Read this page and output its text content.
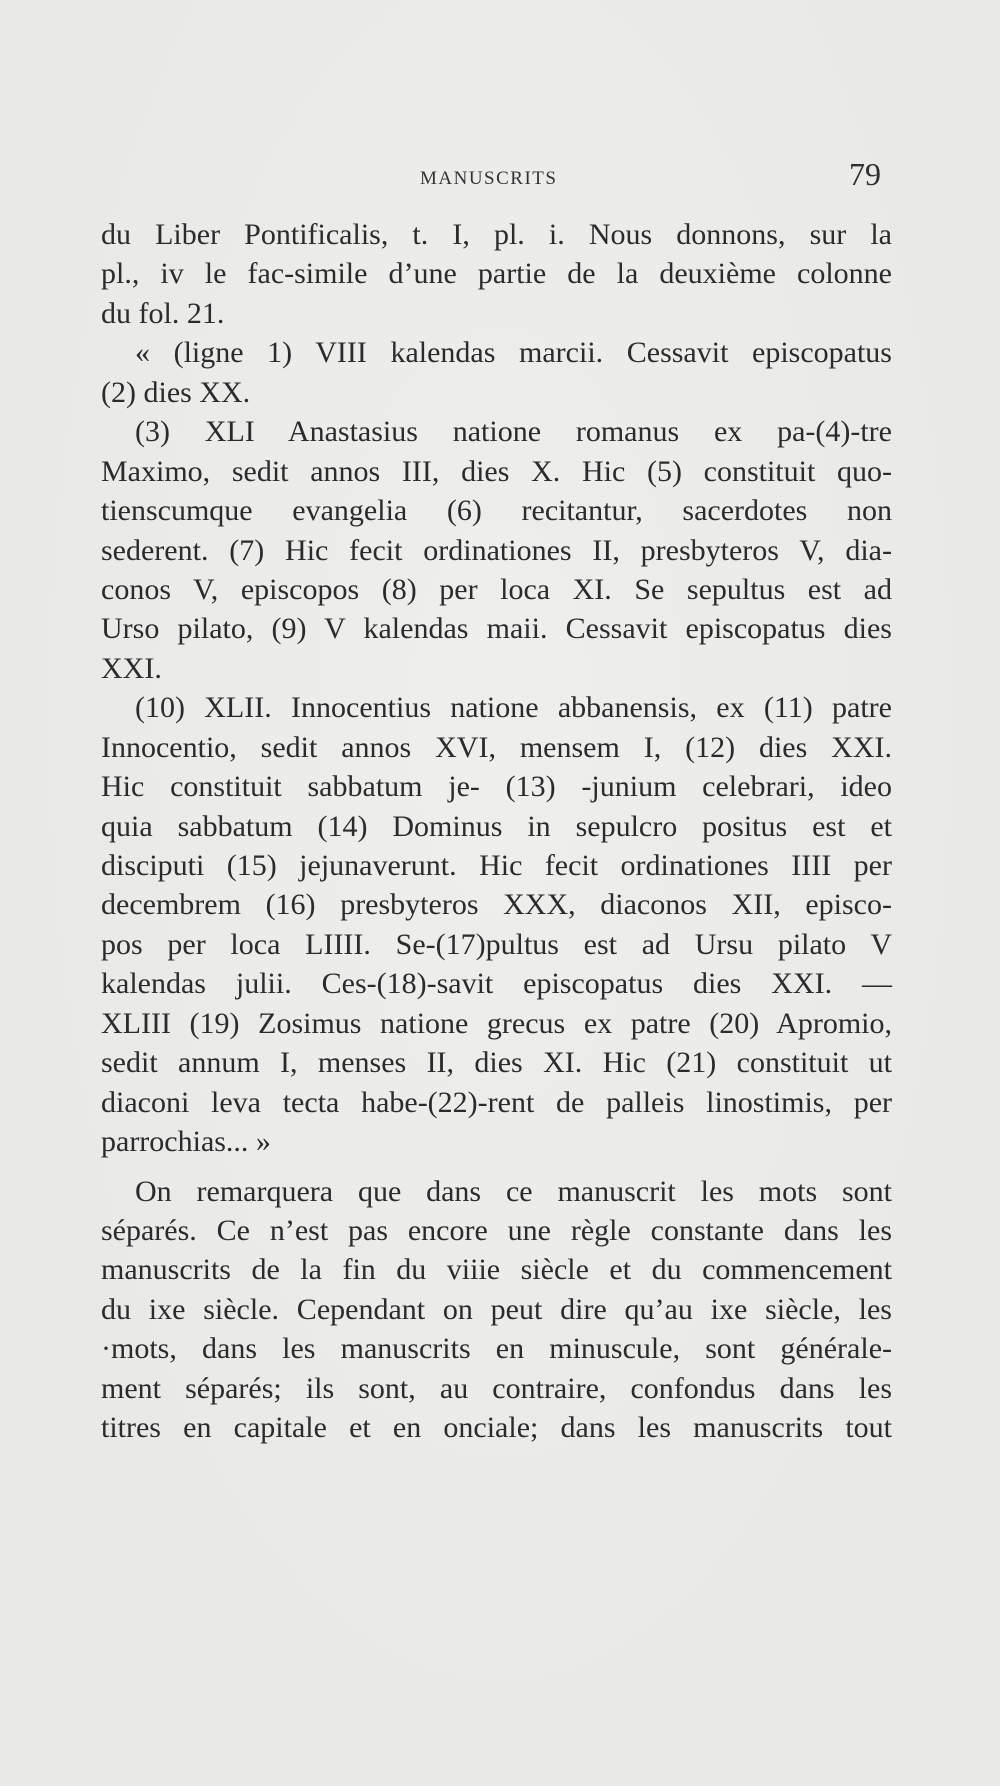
MANUSCRITS	79
du Liber Pontificalis, t. I, pl. i. Nous donnons, sur la
pl., iv le fac-simile d’une partie de la deuxième colonne
du fol. 21.
« (ligne 1) VIII kalendas marcii. Cessavit episcopatus
(2) dies XX.
(3) XLI Anastasius natione romanus ex pa-(4)-tre
Maximo, sedit annos III, dies X. Hic (5) constituit quo-
tienscumque evangelia (6) recitantur, sacerdotes non
sederent. (7) Hic fecit ordinationes II, presbyteros V, dia-
conos V, episcopos (8) per loca XI. Se sepultus est ad
Urso pilato, (9) V kalendas maii. Cessavit episcopatus dies
XXI.
(10) XLII. Innocentius natione abbanensis, ex (11) patre
Innocentio, sedit annos XVI, mensem I, (12) dies XXI.
Hic constituit sabbatum je- (13) -junium celebrari, ideo
quia sabbatum (14) Dominus in sepulcro positus est et
disciputi (15) jejunaverunt. Hic fecit ordinationes IIII per
decembrem (16) presbyteros XXX, diaconos XII, episco-
pos per loca LIIII. Se-(17)pultus est ad Ursu pilato V
kalendas julii. Ces-(18)-savit episcopatus dies XXI. —
XLIII (19) Zosimus natione grecus ex patre (20) Apromio,
sedit annum I, menses II, dies XI. Hic (21) constituit ut
diaconi leva tecta habe-(22)-rent de palleis linostimis, per
parrochias... »
On remarquera que dans ce manuscrit les mots sont
séparés. Ce n’est pas encore une règle constante dans les
manuscrits de la fin du viiie siècle et du commencement
du ixe siècle. Cependant on peut dire qu’au ixe siècle, les
·mots, dans les manuscrits en minuscule, sont générale-
ment séparés; ils sont, au contraire, confondus dans les
titres en capitale et en onciale; dans les manuscrits tout
